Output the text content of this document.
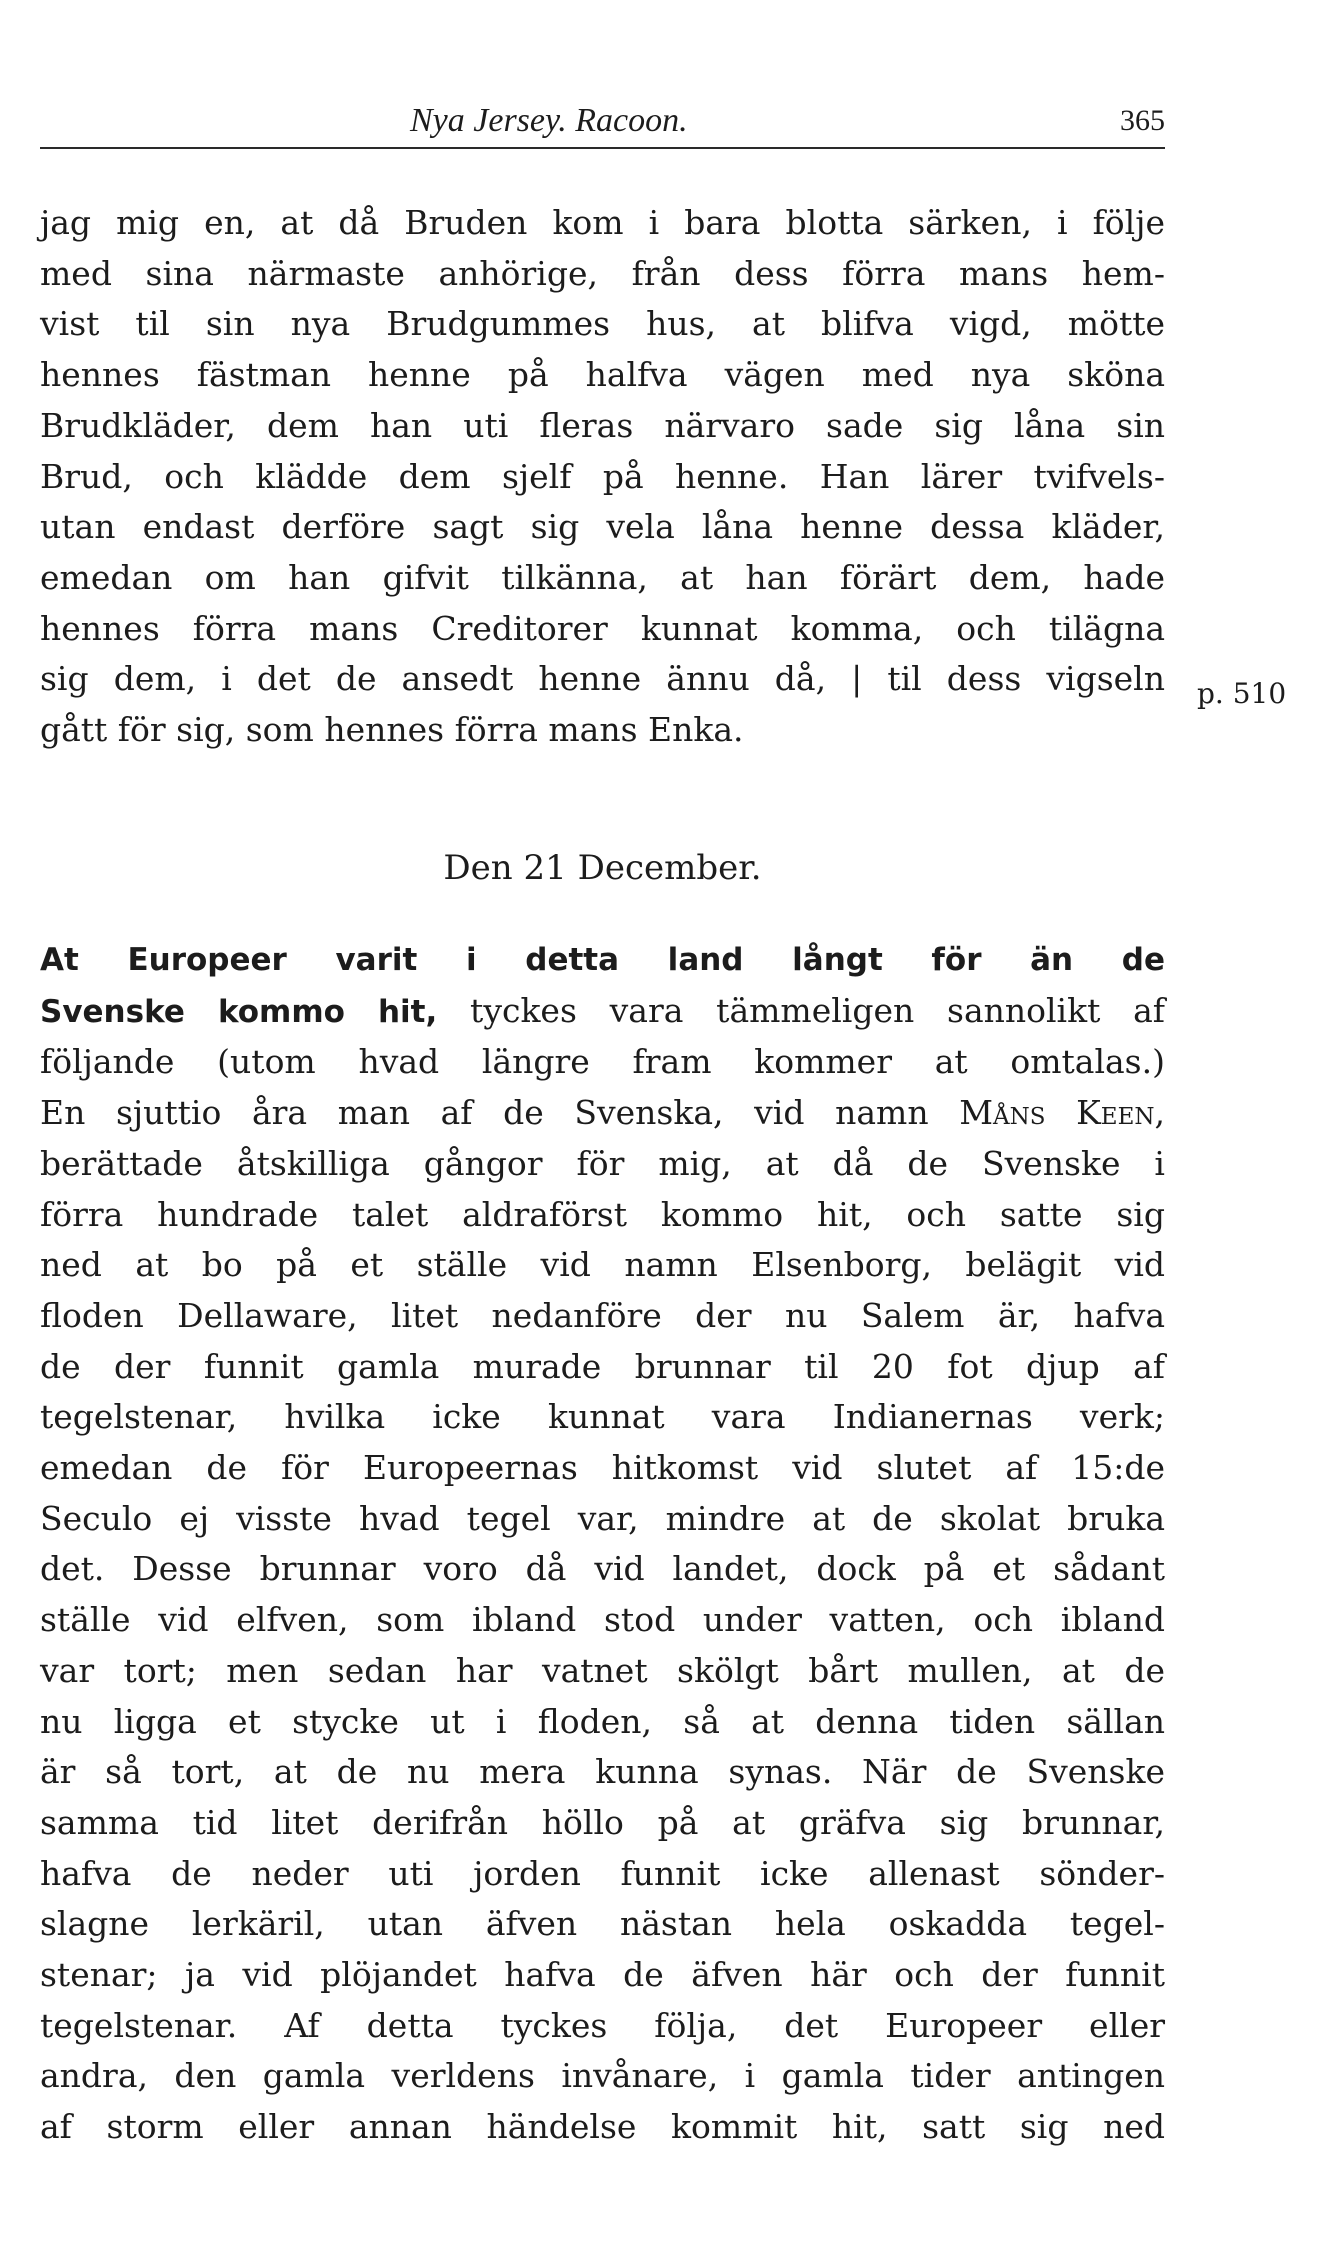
Nya Jersey. Racoon.	365
jag mig en, at då Bruden kom i bara blotta särken, i följe
med sina närmaste anhörige, från dess förra mans hem-
vist til sin nya Brudgummes hus, at blifva vigd, mötte
hennes fästman henne på halfva vägen med nya sköna
Brudkläder, dem han uti fleras närvaro sade sig låna sin
Brud, och klädde dem sjelf på henne. Han lärer tvifvels-
utan endast derföre sagt sig vela låna henne dessa kläder,
emedan om han gifvit tilkänna, at han förärt dem, hade
hennes förra mans Creditorer kunnat komma, och tilägna
sig dem, i det de ansedt henne ännu då, | til dess vigseln
gått för sig, som hennes förra mans Enka.
p. 510
Den 21 December.
At Europeer varit i detta land långt för än de
Svenske kommo hit, tyckes vara tämmeligen sannolikt af
följande (utom hvad längre fram kommer at omtalas.)
En sjuttio åra man af de Svenska, vid namn Måns Keen,
berättade åtskilliga gångor för mig, at då de Svenske i
förra hundrade talet aldraförst kommo hit, och satte sig
ned at bo på et ställe vid namn Elsenborg, belägit vid
floden Dellaware, litet nedanföre der nu Salem är, hafva
de der funnit gamla murade brunnar til 20 fot djup af
tegelstenar, hvilka icke kunnat vara Indianernas verk;
emedan de för Europeernas hitkomst vid slutet af 15:de
Seculo ej visste hvad tegel var, mindre at de skolat bruka
det. Desse brunnar voro då vid landet, dock på et sådant
ställe vid elfven, som ibland stod under vatten, och ibland
var tort; men sedan har vatnet skölgt bårt mullen, at de
nu ligga et stycke ut i floden, så at denna tiden sällan
är så tort, at de nu mera kunna synas. När de Svenske
samma tid litet derifrån höllo på at gräfva sig brunnar,
hafva de neder uti jorden funnit icke allenast sönder-
slagne lerkäril, utan äfven nästan hela oskadda tegel-
stenar; ja vid plöjandet hafva de äfven här och der funnit
tegelstenar. Af detta tyckes följa, det Europeer eller
andra, den gamla verldens invånare, i gamla tider antingen
af storm eller annan händelse kommit hit, satt sig ned
